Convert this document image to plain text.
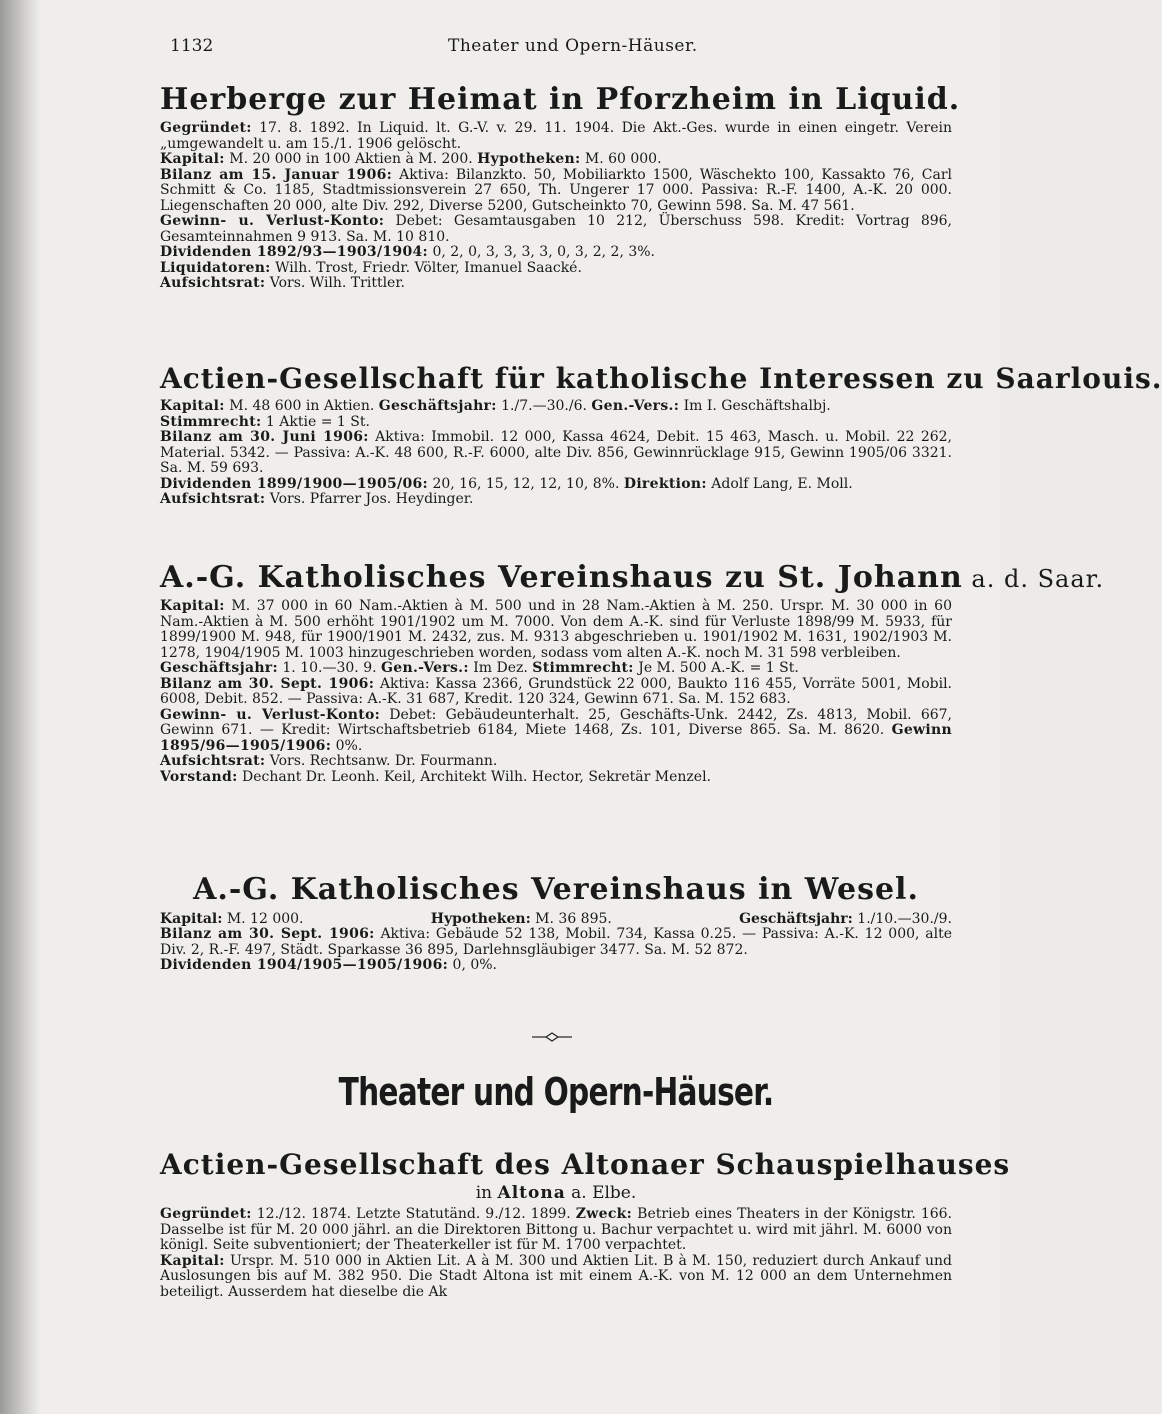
1132	Theater und Opern-Häuser.
Herberge zur Heimat in Pforzheim in Liquid.

Gegründet: 17. 8. 1892. In Liquid. lt. G.-V. v. 29. 11. 1904. Die Akt.-Ges. wurde in einen eingetr. Verein „umgewandelt u. am 15./1. 1906 gelöscht.

Kapital: M. 20 000 in 100 Aktien à M. 200. Hypotheken: M. 60 000.

Bilanz am 15. Januar 1906: Aktiva: Bilanzkto. 50, Mobiliarkto 1500, Wäschekto 100, Kassakto 76, Carl Schmitt & Co. 1185, Stadtmissionsverein 27 650, Th. Ungerer 17 000. Passiva: R.-F. 1400, A.-K. 20 000. Liegenschaften 20 000, alte Div. 292, Diverse 5200, Gutscheinkto 70, Gewinn 598. Sa. M. 47 561.

Gewinn- u. Verlust-Konto: Debet: Gesamtausgaben 10 212, Überschuss 598. Kredit: Vortrag 896, Gesamteinnahmen 9 913. Sa. M. 10 810.

Dividenden 1892/93—1903/1904: 0, 2, 0, 3, 3, 3, 3, 0, 3, 2, 2, 3%.

Liquidatoren: Wilh. Trost, Friedr. Völter, Imanuel Saacké.

Aufsichtsrat: Vors. Wilh. Trittler.

Actien-Gesellschaft für katholische Interessen zu Saarlouis.

Kapital: M. 48 600 in Aktien. Geschäftsjahr: 1./7.—30./6. Gen.-Vers.: Im I. Geschäftshalbj.

Stimmrecht: 1 Aktie = 1 St.

Bilanz am 30. Juni 1906: Aktiva: Immobil. 12 000, Kassa 4624, Debit. 15 463, Masch. u. Mobil. 22 262, Material. 5342. — Passiva: A.-K. 48 600, R.-F. 6000, alte Div. 856, Gewinnrücklage 915, Gewinn 1905/06 3321. Sa. M. 59 693.

Dividenden 1899/1900—1905/06: 20, 16, 15, 12, 12, 10, 8%. Direktion: Adolf Lang, E. Moll.

Aufsichtsrat: Vors. Pfarrer Jos. Heydinger.

A.-G. Katholisches Vereinshaus zu St. Johann a. d. Saar.

Kapital: M. 37 000 in 60 Nam.-Aktien à M. 500 und in 28 Nam.-Aktien à M. 250. Urspr. M. 30 000 in 60 Nam.-Aktien à M. 500 erhöht 1901/1902 um M. 7000. Von dem A.-K. sind für Verluste 1898/99 M. 5933, für 1899/1900 M. 948, für 1900/1901 M. 2432, zus. M. 9313 abgeschrieben u. 1901/1902 M. 1631, 1902/1903 M. 1278, 1904/1905 M. 1003 hinzugeschrieben worden, sodass vom alten A.-K. noch M. 31 598 verbleiben.

Geschäftsjahr: 1. 10.—30. 9. Gen.-Vers.: Im Dez. Stimmrecht: Je M. 500 A.-K. = 1 St.

Bilanz am 30. Sept. 1906: Aktiva: Kassa 2366, Grundstück 22 000, Baukto 116 455, Vorräte 5001, Mobil. 6008, Debit. 852. — Passiva: A.-K. 31 687, Kredit. 120 324, Gewinn 671. Sa. M. 152 683.

Gewinn- u. Verlust-Konto: Debet: Gebäudeunterhalt. 25, Geschäfts-Unk. 2442, Zs. 4813, Mobil. 667, Gewinn 671. — Kredit: Wirtschaftsbetrieb 6184, Miete 1468, Zs. 101, Diverse 865. Sa. M. 8620. Gewinn 1895/96—1905/1906: 0%.

Aufsichtsrat: Vors. Rechtsanw. Dr. Fourmann.

Vorstand: Dechant Dr. Leonh. Keil, Architekt Wilh. Hector, Sekretär Menzel.

A.-G. Katholisches Vereinshaus in Wesel.
Kapital: M. 12 000.	Hypotheken: M. 36 895.	Geschäftsjahr: 1./10.—30./9.

Bilanz am 30. Sept. 1906: Aktiva: Gebäude 52 138, Mobil. 734, Kassa 0.25. — Passiva: A.-K. 12 000, alte Div. 2, R.-F. 497, Städt. Sparkasse 36 895, Darlehnsgläubiger 3477. Sa. M. 52 872.

Dividenden 1904/1905—1905/1906: 0, 0%.

Theater und Opern-Häuser.
Actien-Gesellschaft des Altonaer Schauspielhauses
in Altona a. Elbe.

Gegründet: 12./12. 1874. Letzte Statutänd. 9./12. 1899. Zweck: Betrieb eines Theaters in der Königstr. 166. Dasselbe ist für M. 20 000 jährl. an die Direktoren Bittong u. Bachur verpachtet u. wird mit jährl. M. 6000 von königl. Seite subventioniert; der Theaterkeller ist für M. 1700 verpachtet.

Kapital: Urspr. M. 510 000 in Aktien Lit. A à M. 300 und Aktien Lit. B à M. 150, reduziert durch Ankauf und Auslosungen bis auf M. 382 950. Die Stadt Altona ist mit einem A.-K. von M. 12 000 an dem Unternehmen beteiligt. Ausserdem hat dieselbe die Ak
